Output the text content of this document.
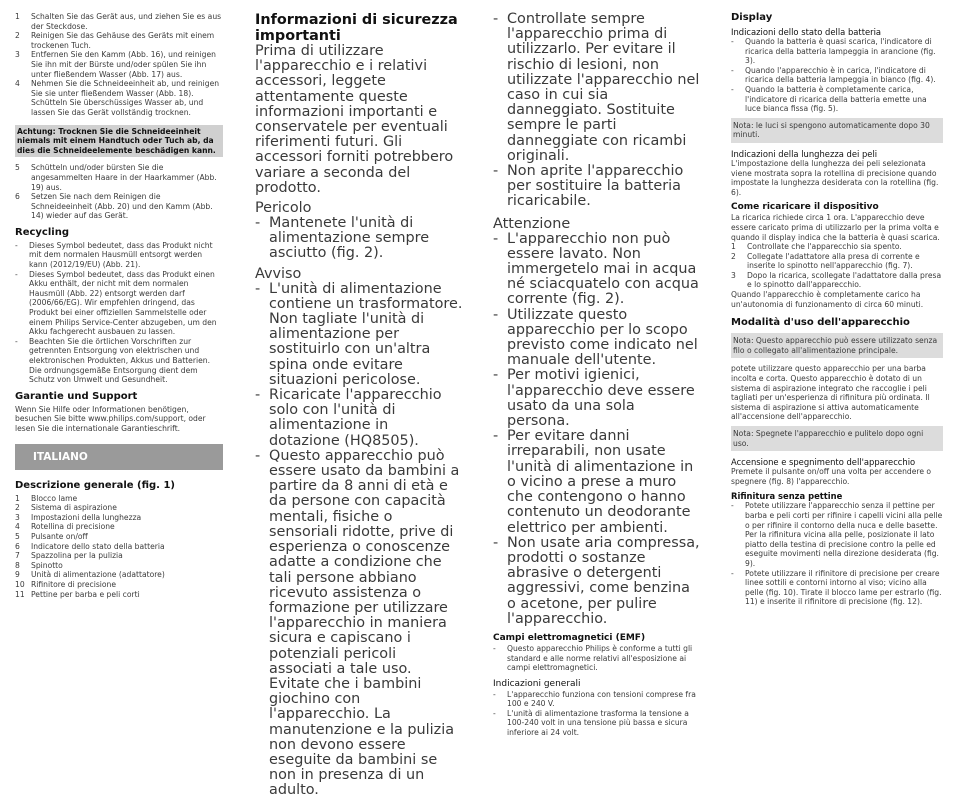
1	Schalten Sie das Gerät aus, und ziehen Sie es aus der Steckdose.
2	Reinigen Sie das Gehäuse des Geräts mit einem trockenen Tuch.
3	Entfernen Sie den Kamm (Abb. 16), und reinigen Sie ihn mit der Bürste und/oder spülen Sie ihn unter fließendem Wasser (Abb. 17) aus.
4	Nehmen Sie die Schneideeinheit ab, und reinigen Sie sie unter fließendem Wasser (Abb. 18). Schütteln Sie überschüssiges Wasser ab, und lassen Sie das Gerät vollständig trocknen.
Achtung: Trocknen Sie die Schneideeinheit niemals mit einem Handtuch oder Tuch ab, da dies die Schneideelemente beschädigen kann.
5	Schütteln und/oder bürsten Sie die angesammelten Haare in der Haarkammer (Abb. 19) aus.
6	Setzen Sie nach dem Reinigen die Schneideeinheit (Abb. 20) und den Kamm (Abb. 14) wieder auf das Gerät.
Recycling
-	Dieses Symbol bedeutet, dass das Produkt nicht mit dem normalen Hausmüll entsorgt werden kann (2012/19/EU) (Abb. 21).
-	Dieses Symbol bedeutet, dass das Produkt einen Akku enthält, der nicht mit dem normalen Hausmüll (Abb. 22) entsorgt werden darf (2006/66/EG). Wir empfehlen dringend, das Produkt bei einer offiziellen Sammelstelle oder einem Philips Service-Center abzugeben, um den Akku fachgerecht ausbauen zu lassen.
-	Beachten Sie die örtlichen Vorschriften zur getrennten Entsorgung von elektrischen und elektronischen Produkten, Akkus und Batterien. Die ordnungsgemäße Entsorgung dient dem Schutz von Umwelt und Gesundheit.
Garantie und Support
Wenn Sie Hilfe oder Informationen benötigen, besuchen Sie bitte www.philips.com/support, oder lesen Sie die internationale Garantieschrift.
ITALIANO
Descrizione generale (fig. 1)
1	Blocco lame
2	Sistema di aspirazione
3	Impostazioni della lunghezza
4	Rotellina di precisione
5	Pulsante on/off
6	Indicatore dello stato della batteria
7	Spazzolina per la pulizia
8	Spinotto
9	Unità di alimentazione (adattatore)
10 Rifinitore di precisione
11 Pettine per barba e peli corti
Informazioni di sicurezza importanti
Prima di utilizzare l'apparecchio e i relativi accessori, leggete attentamente queste informazioni importanti e conservatele per eventuali riferimenti futuri. Gli accessori forniti potrebbero variare a seconda del prodotto.
Pericolo
- Mantenete l'unità di alimentazione sempre asciutto (fig. 2).
Avviso
- L'unità di alimentazione contiene un trasformatore. Non tagliate l'unità di alimentazione per sostituirlo con un'altra spina onde evitare situazioni pericolose.
- Ricaricate l'apparecchio solo con l'unità di alimentazione in dotazione (HQ8505).
- Questo apparecchio può essere usato da bambini a partire da 8 anni di età e da persone con capacità mentali, fisiche o sensoriali ridotte, prive di esperienza o conoscenze adatte a condizione che tali persone abbiano ricevuto assistenza o formazione per utilizzare l'apparecchio in maniera sicura e capiscano i potenziali pericoli associati a tale uso. Evitate che i bambini giochino con l'apparecchio. La manutenzione e la pulizia non devono essere eseguite da bambini se non in presenza di un adulto.
- Controllate sempre l'apparecchio prima di utilizzarlo. Per evitare il rischio di lesioni, non utilizzate l'apparecchio nel caso in cui sia danneggiato. Sostituite sempre le parti danneggiate con ricambi originali.
- Non aprite l'apparecchio per sostituire la batteria ricaricabile.
Attenzione
- L'apparecchio non può essere lavato. Non immergetelo mai in acqua né sciacquatelo con acqua corrente (fig. 2).
- Utilizzate questo apparecchio per lo scopo previsto come indicato nel manuale dell'utente.
- Per motivi igienici, l'apparecchio deve essere usato da una sola persona.
- Per evitare danni irreparabili, non usate l'unità di alimentazione in o vicino a prese a muro che contengono o hanno contenuto un deodorante elettrico per ambienti.
- Non usate aria compressa, prodotti o sostanze abrasive o detergenti aggressivi, come benzina o acetone, per pulire l'apparecchio.
Campi elettromagnetici (EMF)
-	Questo apparecchio Philips è conforme a tutti gli standard e alle norme relativi all'esposizione ai campi elettromagnetici.
Indicazioni generali
-	L'apparecchio funziona con tensioni comprese fra 100 e 240 V.
-	L'unità di alimentazione trasforma la tensione a 100-240 volt in una tensione più bassa e sicura inferiore ai 24 volt.
Display
Indicazioni dello stato della batteria
-	Quando la batteria è quasi scarica, l'indicatore di ricarica della batteria lampeggia in arancione (fig. 3).
-	Quando l'apparecchio è in carica, l'indicatore di ricarica della batteria lampeggia in bianco (fig. 4).
-	Quando la batteria è completamente carica, l'indicatore di ricarica della batteria emette una luce bianca fissa (fig. 5).
Nota: le luci si spengono automaticamente dopo 30 minuti.
Indicazioni della lunghezza dei peli
L'impostazione della lunghezza dei peli selezionata viene mostrata sopra la rotellina di precisione quando impostate la lunghezza desiderata con la rotellina (fig. 6).
Come ricaricare il dispositivo
La ricarica richiede circa 1 ora. L'apparecchio deve essere caricato prima di utilizzarlo per la prima volta e quando il display indica che la batteria è quasi scarica.
1	Controllate che l'apparecchio sia spento.
2	Collegate l'adattatore alla presa di corrente e inserite lo spinotto nell'apparecchio (fig. 7).
3	Dopo la ricarica, scollegate l'adattatore dalla presa e lo spinotto dall'apparecchio.
Quando l'apparecchio è completamente carico ha un'autonomia di funzionamento di circa 60 minuti.
Modalità d'uso dell'apparecchio
Nota: Questo apparecchio può essere utilizzato senza filo o collegato all'alimentazione principale.
potete utilizzare questo apparecchio per una barba incolta e corta. Questo apparecchio è dotato di un sistema di aspirazione integrato che raccoglie i peli tagliati per un'esperienza di rifinitura più ordinata. Il sistema di aspirazione si attiva automaticamente all'accensione dell'apparecchio.
Nota: Spegnete l'apparecchio e pulitelo dopo ogni uso.
Accensione e spegnimento dell'apparecchio
Premete il pulsante on/off una volta per accendere o spegnere (fig. 8) l'apparecchio.
Rifinitura senza pettine
-	Potete utilizzare l'apparecchio senza il pettine per barba e peli corti per rifinire i capelli vicini alla pelle o per rifinire il contorno della nuca e delle basette. Per la rifinitura vicina alla pelle, posizionate il lato piatto della testina di precisione contro la pelle ed eseguite movimenti nella direzione desiderata (fig. 9).
-	Potete utilizzare il rifinitore di precisione per creare linee sottili e contorni intorno al viso; vicino alla pelle (fig. 10). Tirate il blocco lame per estrarlo (fig. 11) e inserite il rifinitore di precisione (fig. 12).
